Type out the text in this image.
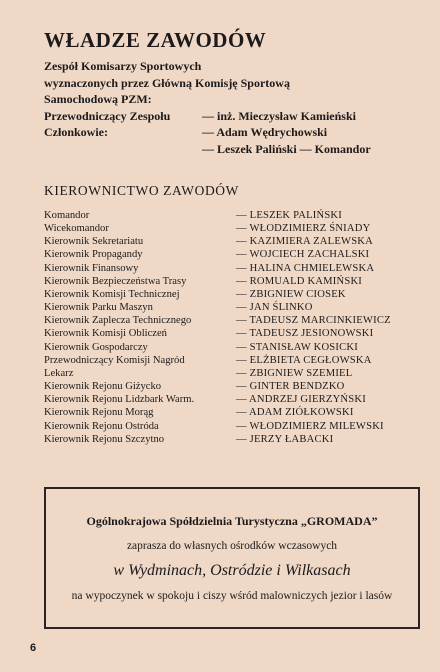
WŁADZE ZAWODÓW
Zespół Komisarzy Sportowych
wyznaczonych przez Główną Komisję Sportową
Samochodową PZM:
Przewodniczący Zespołu	— inż. Mieczysław Kamieński
Członkowie:	— Adam Wędrychowski
— Leszek Paliński — Komandor
KIEROWNICTWO ZAWODÓW
Komandor	— LESZEK PALIŃSKI
Wicekomandor	— WŁODZIMIERZ ŚNIADY
Kierownik Sekretariatu	— KAZIMIERA ZALEWSKA
Kierownik Propagandy	— WOJCIECH ZACHALSKI
Kierownik Finansowy	— HALINA CHMIELEWSKA
Kierownik Bezpieczeństwa Trasy	— ROMUALD KAMIŃSKI
Kierownik Komisji Technicznej	— ZBIGNIEW CIOSEK
Kierownik Parku Maszyn	— JAN ŚLINKO
Kierownik Zaplecza Technicznego	— TADEUSZ MARCINKIEWICZ
Kierownik Komisji Obliczeń	— TADEUSZ JESIONOWSKI
Kierownik Gospodarczy	— STANISŁAW KOSICKI
Przewodniczący Komisji Nagród	— ELŻBIETA CEGŁOWSKA
Lekarz	— ZBIGNIEW SZEMIEL
Kierownik Rejonu Giżycko	— GINTER BENDZKO
Kierownik Rejonu Lidzbark Warm.	— ANDRZEJ GIERZYŃSKI
Kierownik Rejonu Morąg	— ADAM ZIÓŁKOWSKI
Kierownik Rejonu Ostróda	— WŁODZIMIERZ MILEWSKI
Kierownik Rejonu Szczytno	— JERZY ŁABACKI
Ogólnokrajowa Spółdzielnia Turystyczna „GROMADA”
zaprasza do własnych ośrodków wczasowych
w Wydminach, Ostródzie i Wilkasach
na wypoczynek w spokoju i ciszy wśród malowniczych jezior i lasów
6
